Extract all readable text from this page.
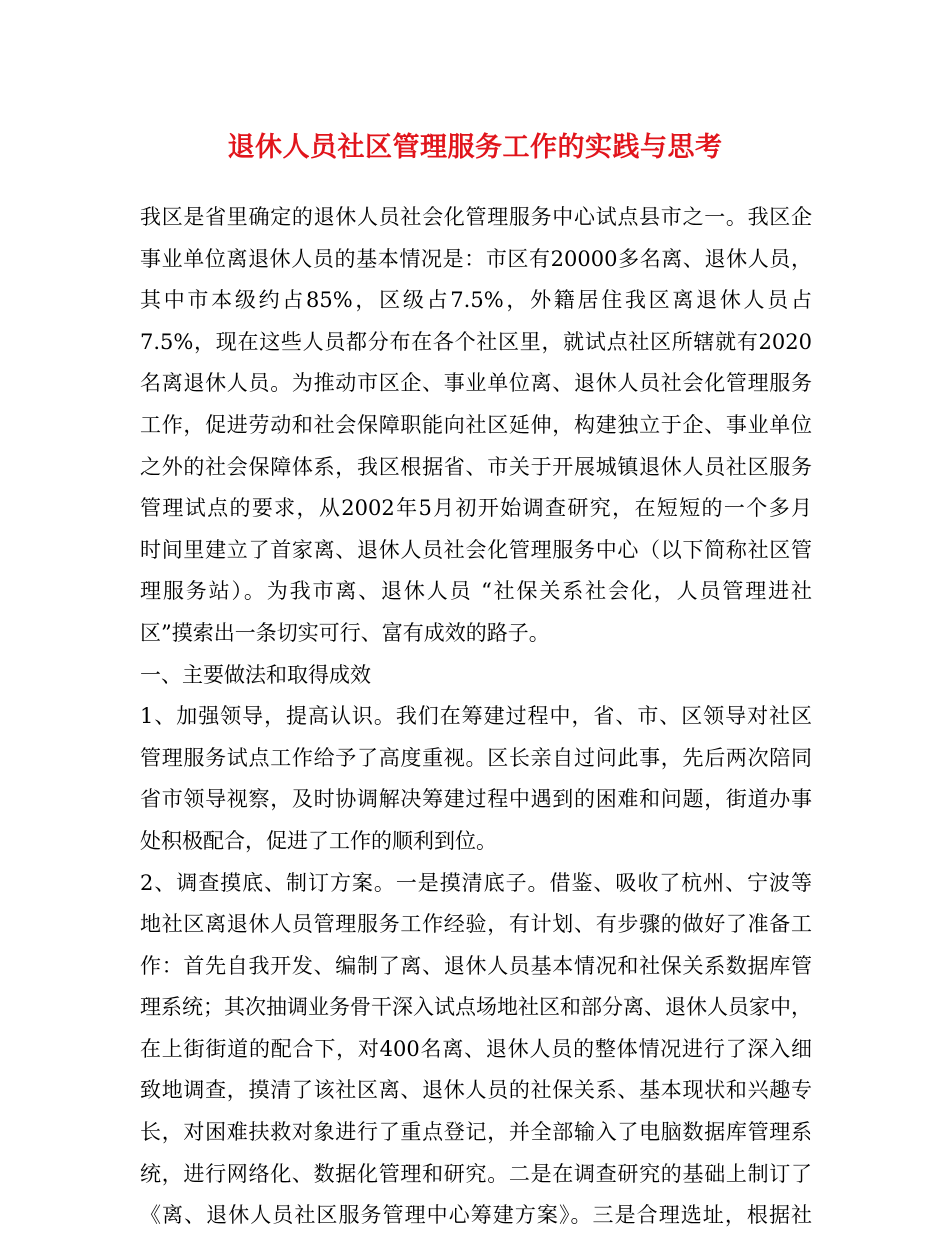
退休人员社区管理服务工作的实践与思考
我区是省里确定的退休人员社会化管理服务中心试点县市之一。我区企
事业单位离退休人员的基本情况是：市区有20000多名离、退休人员，
其中市本级约占85%，区级占7.5%，外籍居住我区离退休人员占
7.5%，现在这些人员都分布在各个社区里，就试点社区所辖就有2020
名离退休人员。为推动市区企、事业单位离、退休人员社会化管理服务
工作，促进劳动和社会保障职能向社区延伸，构建独立于企、事业单位
之外的社会保障体系，我区根据省、市关于开展城镇退休人员社区服务
管理试点的要求，从2002年5月初开始调查研究，在短短的一个多月
时间里建立了首家离、退休人员社会化管理服务中心（以下简称社区管
理服务站）。为我市离、退休人员 “社保关系社会化，人员管理进社
区”摸索出一条切实可行、富有成效的路子。
一、主要做法和取得成效
1、加强领导，提高认识。我们在筹建过程中，省、市、区领导对社区
管理服务试点工作给予了高度重视。区长亲自过问此事，先后两次陪同
省市领导视察，及时协调解决筹建过程中遇到的困难和问题，街道办事
处积极配合，促进了工作的顺利到位。
2、调查摸底、制订方案。一是摸清底子。借鉴、吸收了杭州、宁波等
地社区离退休人员管理服务工作经验，有计划、有步骤的做好了准备工
作：首先自我开发、编制了离、退休人员基本情况和社保关系数据库管
理系统；其次抽调业务骨干深入试点场地社区和部分离、退休人员家中，
在上街街道的配合下，对400名离、退休人员的整体情况进行了深入细
致地调查，摸清了该社区离、退休人员的社保关系、基本现状和兴趣专
长，对困难扶救对象进行了重点登记，并全部输入了电脑数据库管理系
统，进行网络化、数据化管理和研究。二是在调查研究的基础上制订了
《离、退休人员社区服务管理中心筹建方案》。三是合理选址，根据社
